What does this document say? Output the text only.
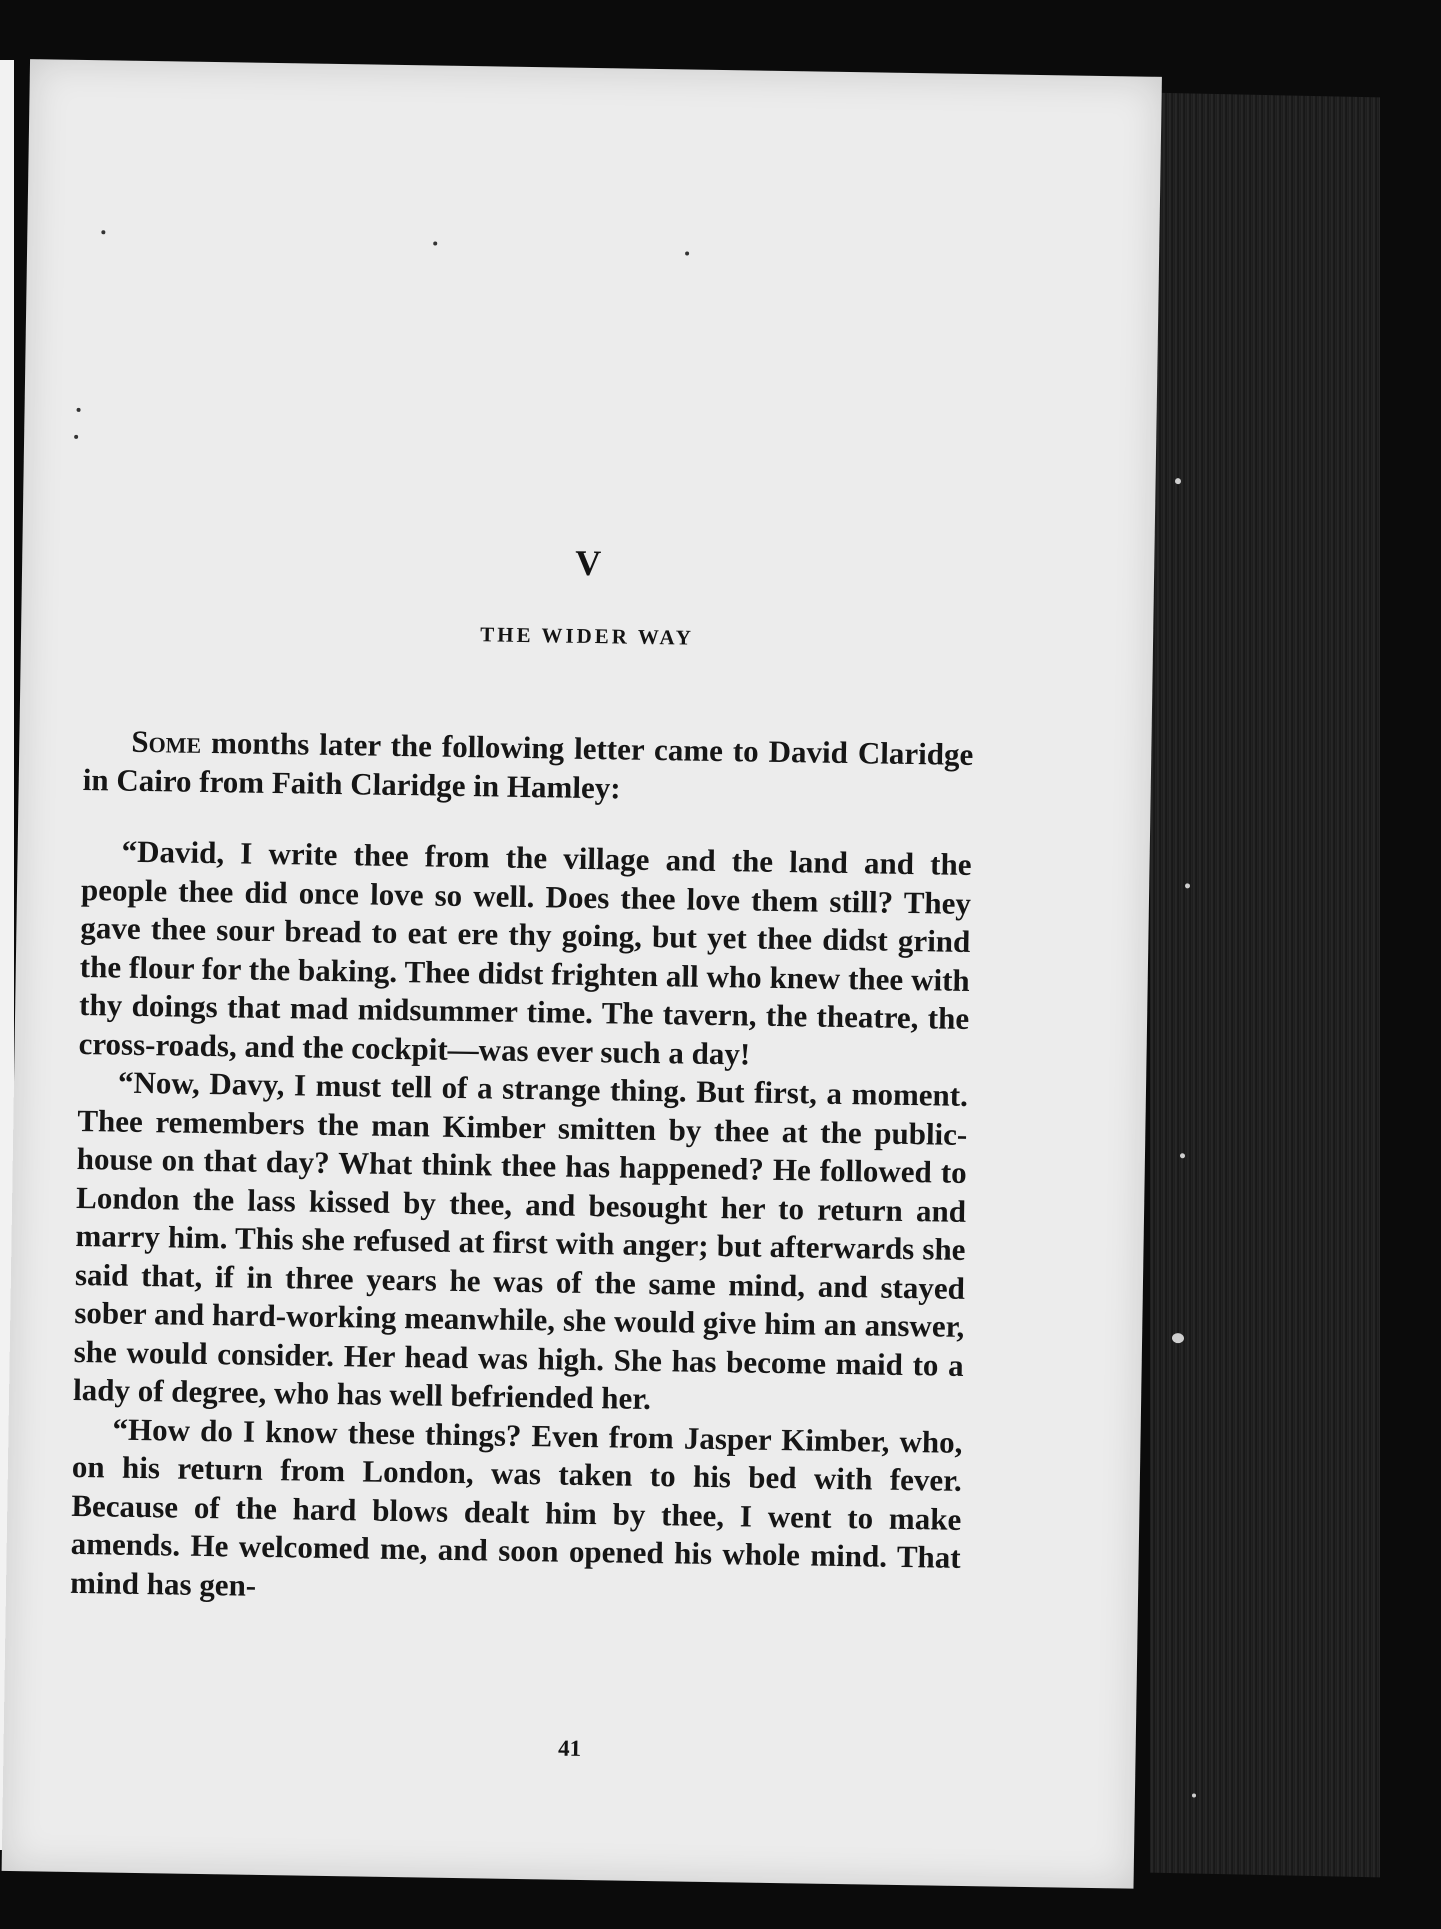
V
THE WIDER WAY

Some months later the following letter came to David Claridge in Cairo from Faith Claridge in Hamley:

“David, I write thee from the village and the land and the people thee did once love so well. Does thee love them still? They gave thee sour bread to eat ere thy going, but yet thee didst grind the flour for the baking. Thee didst frighten all who knew thee with thy doings that mad midsummer time. The tavern, the theatre, the cross-roads, and the cockpit—was ever such a day!

“Now, Davy, I must tell of a strange thing. But first, a moment. Thee remembers the man Kimber smitten by thee at the public-house on that day? What think thee has happened? He followed to London the lass kissed by thee, and besought her to return and marry him. This she refused at first with anger; but afterwards she said that, if in three years he was of the same mind, and stayed sober and hard-working meanwhile, she would give him an answer, she would consider. Her head was high. She has become maid to a lady of degree, who has well befriended her.

“How do I know these things? Even from Jasper Kimber, who, on his return from London, was taken to his bed with fever. Because of the hard blows dealt him by thee, I went to make amends. He welcomed me, and soon opened his whole mind. That mind has gen-

41
